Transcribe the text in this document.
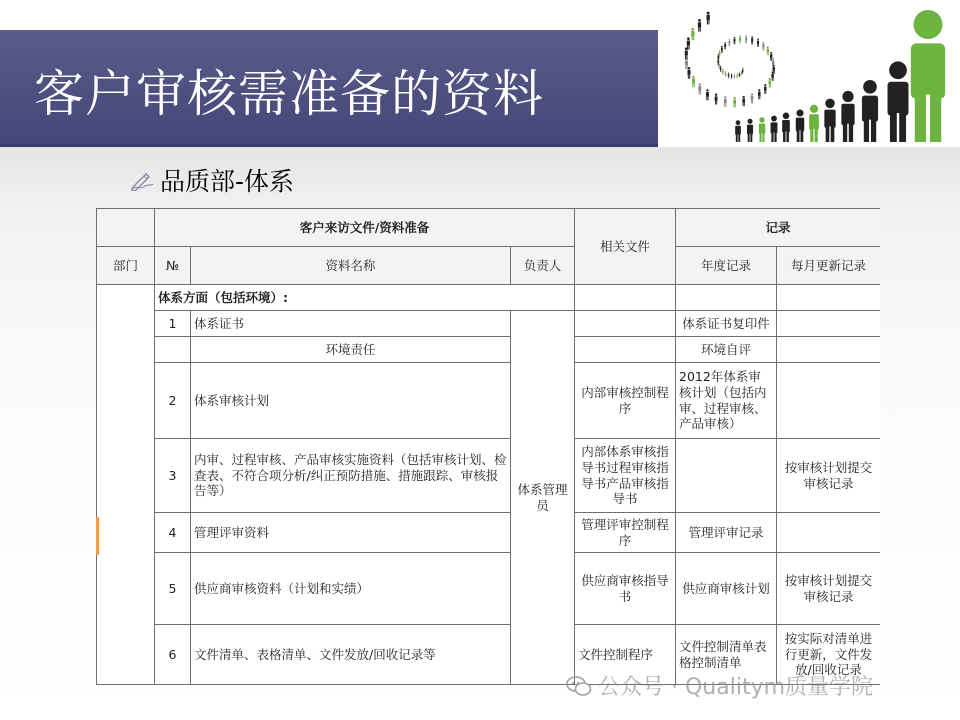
客户审核需准备的资料
品质部-体系
	客户来访文件/资料准备			相关文件	记录	
部门	№	资料名称	负责人		年度记录	每月更新记录
	体系方面（包括环境）:					
	1	体系证书	体系管理员		体系证书复印件	
		环境责任			环境自评	
	2	体系审核计划		内部审核控制程序	2012年体系审核计划（包括内审、过程审核、产品审核）	
	3	内审、过程审核、产品审核实施资料（包括审核计划、检查表、不符合项分析/纠正预防措施、措施跟踪、审核报告等）		内部体系审核指导书过程审核指导书产品审核指导书		按审核计划提交审核记录
	4	管理评审资料		管理评审控制程序	管理评审记录	
	5	供应商审核资料（计划和实绩）		供应商审核指导书	供应商审核计划	按审核计划提交审核记录
	6	文件清单、表格清单、文件发放/回收记录等		文件控制程序	文件控制清单表格控制清单	按实际对清单进行更新，文件发放/回收记录
公众号 · Qualitym质量学院
